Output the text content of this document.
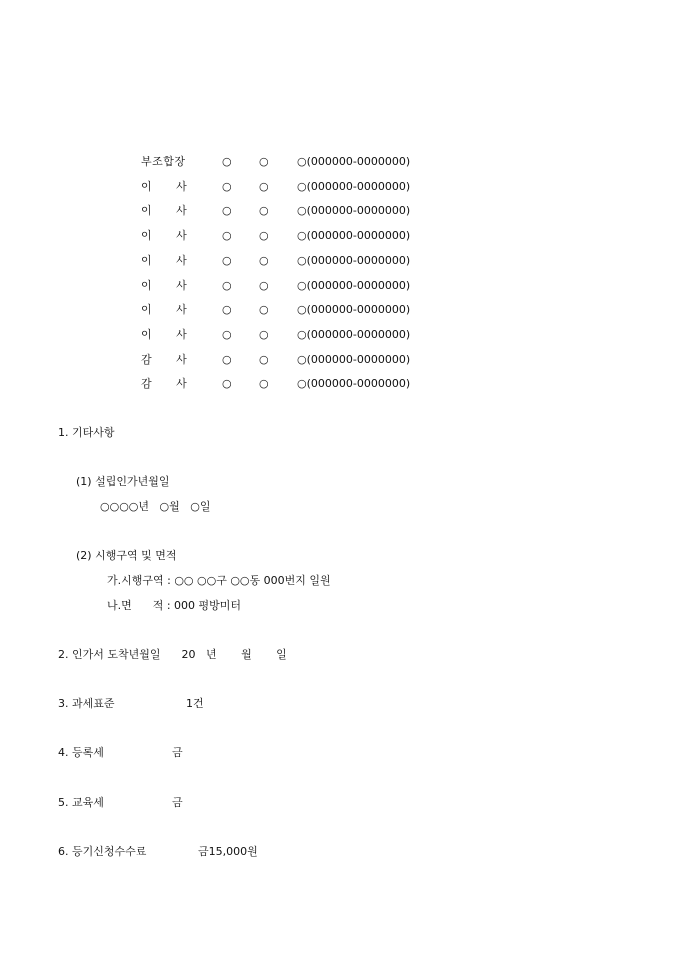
부조합장	○ ○	○(000000-0000000)
이      사	○ ○	○(000000-0000000)
이      사	○ ○	○(000000-0000000)
이      사	○ ○	○(000000-0000000)
이      사	○ ○	○(000000-0000000)
이      사	○ ○	○(000000-0000000)
이      사	○ ○	○(000000-0000000)
이      사	○ ○	○(000000-0000000)
감      사	○ ○	○(000000-0000000)
감      사	○ ○	○(000000-0000000)
1. 기타사항
(1) 설립인가년월일
○○○○년   ○월   ○일
(2) 시행구역 및 면적
가.시행구역 : ○○ ○○구 ○○동 000번지 일원
나.면      적 : 000 평방미터
2. 인가서 도착년월일      20   년       월       일
3. 과세표준	1건
4. 등록세	금
5. 교육세	금
6. 등기신청수수료	금15,000원
